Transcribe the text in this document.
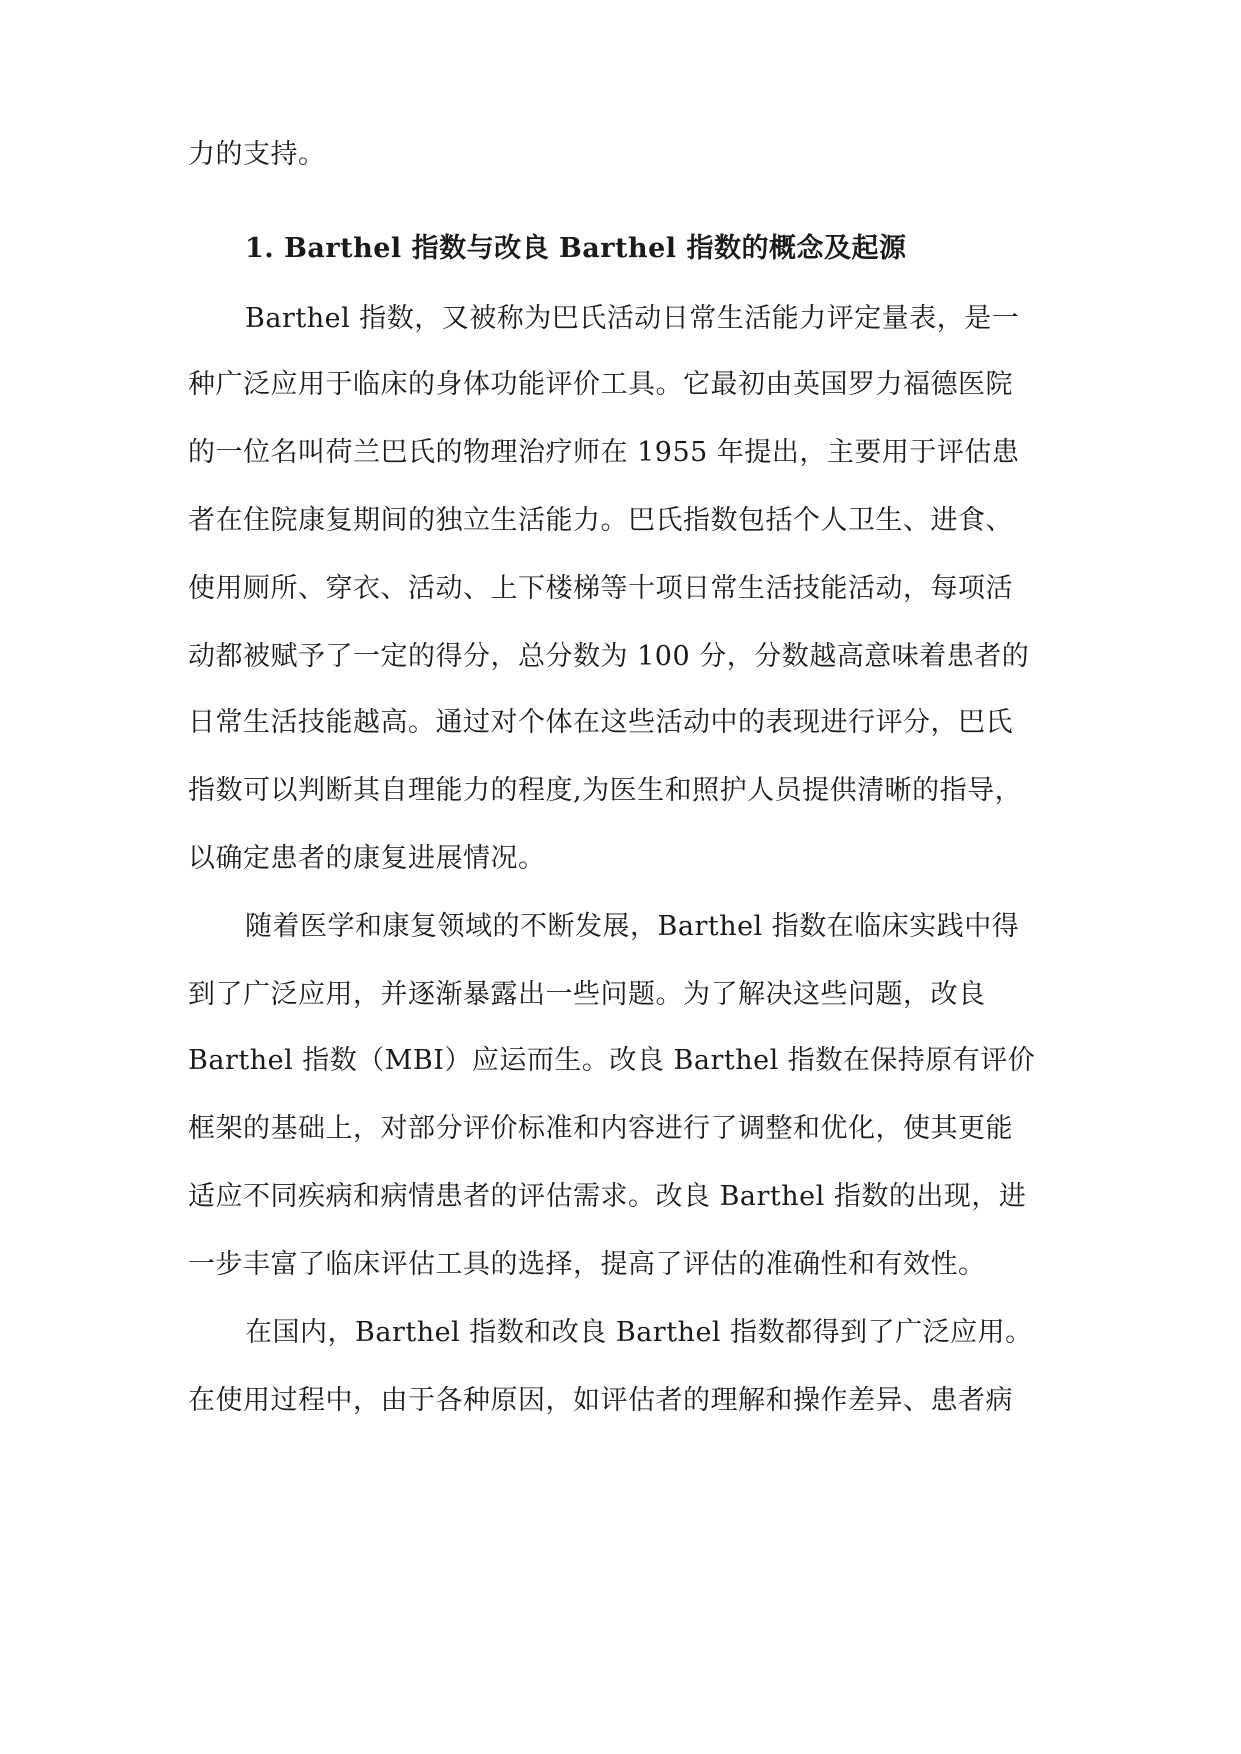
力的支持。
1. Barthel 指数与改良 Barthel 指数的概念及起源
Barthel 指数，又被称为巴氏活动日常生活能力评定量表，是一
种广泛应用于临床的身体功能评价工具。它最初由英国罗力福德医院
的一位名叫荷兰巴氏的物理治疗师在 1955 年提出，主要用于评估患
者在住院康复期间的独立生活能力。巴氏指数包括个人卫生、进食、
使用厕所、穿衣、活动、上下楼梯等十项日常生活技能活动，每项活
动都被赋予了一定的得分，总分数为 100 分，分数越高意味着患者的
日常生活技能越高。通过对个体在这些活动中的表现进行评分，巴氏
指数可以判断其自理能力的程度,为医生和照护人员提供清晰的指导，
以确定患者的康复进展情况。
随着医学和康复领域的不断发展，Barthel 指数在临床实践中得
到了广泛应用，并逐渐暴露出一些问题。为了解决这些问题，改良
Barthel 指数（MBI）应运而生。改良 Barthel 指数在保持原有评价
框架的基础上，对部分评价标准和内容进行了调整和优化，使其更能
适应不同疾病和病情患者的评估需求。改良 Barthel 指数的出现，进
一步丰富了临床评估工具的选择，提高了评估的准确性和有效性。
在国内，Barthel 指数和改良 Barthel 指数都得到了广泛应用。
在使用过程中，由于各种原因，如评估者的理解和操作差异、患者病
